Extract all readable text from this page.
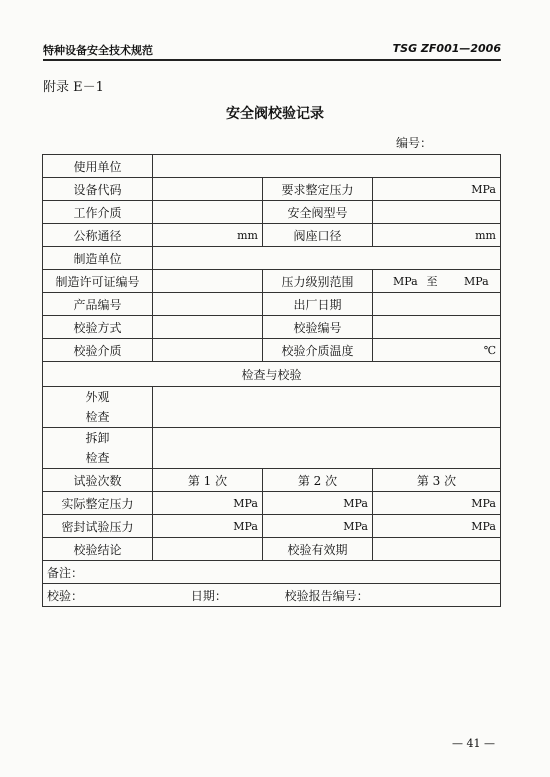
特种设备安全技术规范	TSG ZF001—2006
附录 E－1
安全阀校验记录
编号：
使用单位			
设备代码		要求整定压力	MPa
工作介质		安全阀型号	
公称通径	mm	阀座口径	mm
制造单位			
制造许可证编号		压力级别范围	MPa 至 MPa
产品编号		出厂日期	
校验方式		校验编号	
校验介质		校验介质温度	℃
检查与校验			
外观检查			
拆卸检查			
试验次数	第 1 次	第 2 次	第 3 次
实际整定压力	MPa	MPa	MPa
密封试验压力	MPa	MPa	MPa
校验结论		校验有效期	
备注：			
校验： 日期： 校验报告编号：			
— 41 —
